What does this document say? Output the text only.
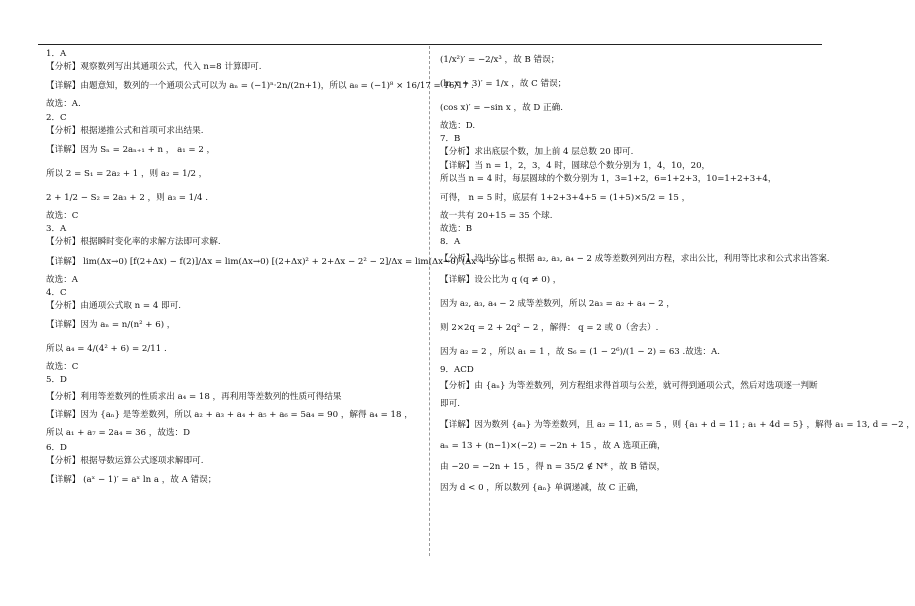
1．A
【分析】观察数列写出其通项公式，代入 n=8 计算即可.
【详解】由题意知，数列的一个通项公式可以为 aₙ = (−1)ⁿ·2n/(2n+1)，所以 a₈ = (−1)⁸ × 16/17 = 16/17 .
故选：A.
2．C
【分析】根据递推公式和首项可求出结果.
【详解】因为 Sₙ = 2aₙ₊₁ + n ， a₁ = 2 ，
所以 2 = S₁ = 2a₂ + 1 ，则 a₂ = 1/2 ，
2 + 1/2 − S₂ = 2a₃ + 2 ，则 a₃ = 1/4 .
故选：C
3．A
【分析】根据瞬时变化率的求解方法即可求解.
【详解】 lim(Δx→0) [f(2+Δx) − f(2)]/Δx = lim(Δx→0) [(2+Δx)² + 2+Δx − 2² − 2]/Δx = lim(Δx→0) (Δx + 5) = 5
故选：A
4．C
【分析】由通项公式取 n = 4 即可.
【详解】因为 aₙ = n/(n² + 6) ，
所以 a₄ = 4/(4² + 6) = 2/11 .
故选：C
5．D
【分析】利用等差数列的性质求出 a₄ = 18 ，再利用等差数列的性质可得结果
【详解】因为 {aₙ} 是等差数列，所以 a₂ + a₃ + a₄ + a₅ + a₆ = 5a₄ = 90 ，解得 a₄ = 18 ，
所以 a₁ + a₇ = 2a₄ = 36 ，故选：D
6．D
【分析】根据导数运算公式逐项求解即可.
【详解】 (aˣ − 1)′ = aˣ ln a ，故 A 错误；
(1/x²)′ = −2/x³ ，故 B 错误；
(ln x + 3)′ = 1/x ，故 C 错误；
(cos x)′ = −sin x ，故 D 正确.
故选：D.
7．B
【分析】求出底层个数，加上前 4 层总数 20 即可.
【详解】当 n = 1，2，3，4 时，圆球总个数分别为 1，4，10，20，
所以当 n = 4 时，每层圆球的个数分别为 1，3=1+2，6=1+2+3，10=1+2+3+4，
可得， n = 5 时，底层有 1+2+3+4+5 = (1+5)×5/2 = 15 ，
故一共有 20+15 = 35 个球.
故选：B
8．A
【分析】设出公比，根据 a₂, a₃, a₄ − 2 成等差数列列出方程，求出公比，利用等比求和公式求出答案.
【详解】设公比为 q (q ≠ 0) ，
因为 a₂, a₃, a₄ − 2 成等差数列，所以 2a₃ = a₂ + a₄ − 2 ，
则 2×2q = 2 + 2q² − 2 ，解得： q = 2 或 0（舍去）.
因为 a₂ = 2 ，所以 a₁ = 1 ，故 S₆ = (1 − 2⁶)/(1 − 2) = 63 .故选：A.
9．ACD
【分析】由 {aₙ} 为等差数列，列方程组求得首项与公差，就可得到通项公式，然后对选项逐一判断
即可.
【详解】因为数列 {aₙ} 为等差数列，且 a₂ = 11, a₅ = 5 ，则 {a₁ + d = 11 ; a₁ + 4d = 5} ，解得 a₁ = 13, d = −2 ，
aₙ = 13 + (n−1)×(−2) = −2n + 15 ，故 A 选项正确，
由 −20 = −2n + 15 ，得 n = 35/2 ∉ N* ，故 B 错误，
因为 d < 0 ，所以数列 {aₙ} 单调递减，故 C 正确，
